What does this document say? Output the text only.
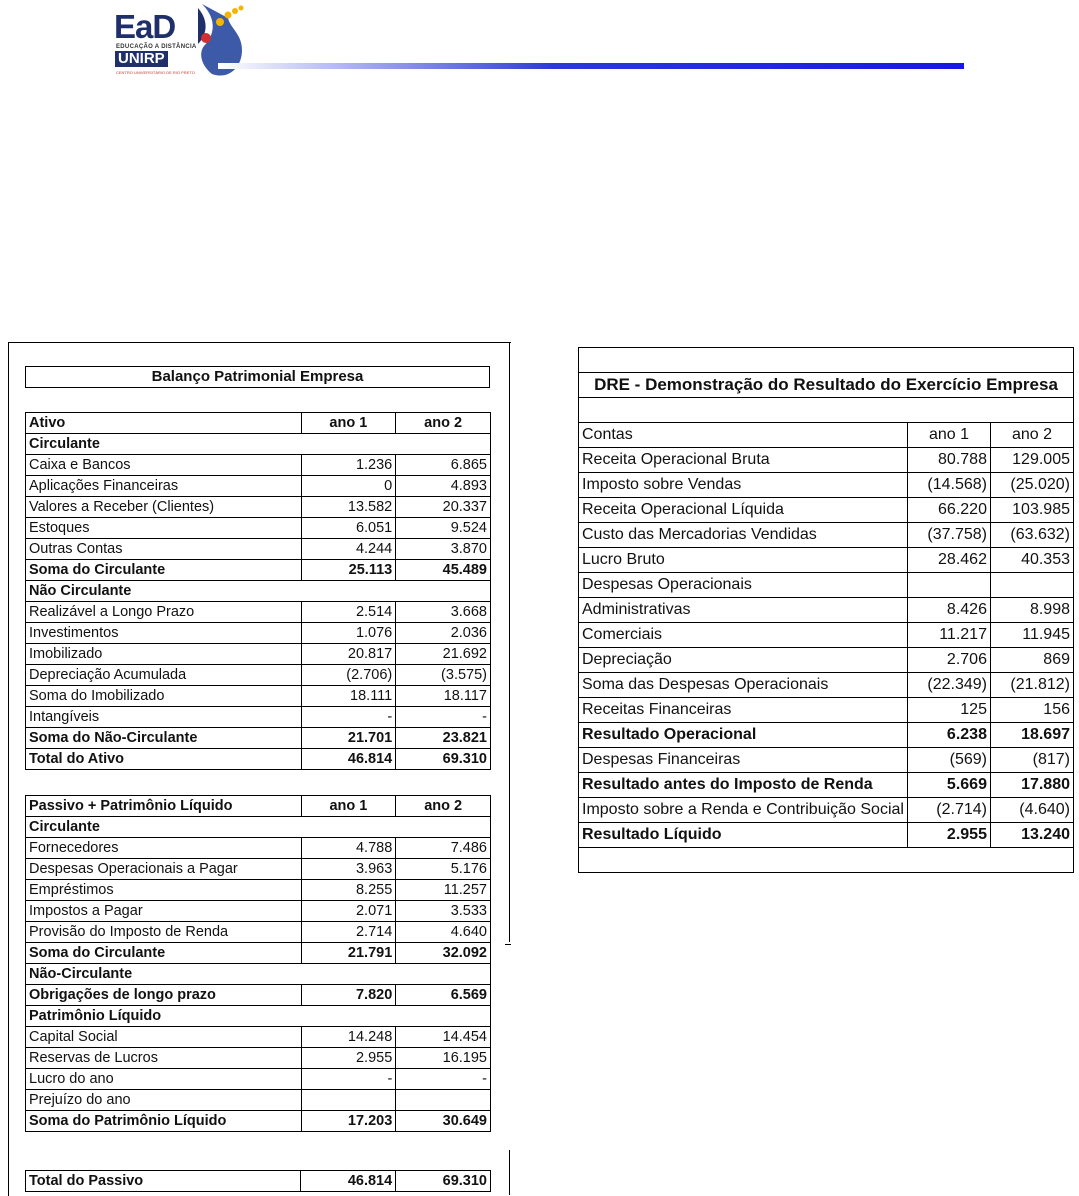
EaD
EDUCAÇÃO A DISTÂNCIA
UNIRP
CENTRO UNIVERSITÁRIO DE RIO PRETO
Balanço Patrimonial Empresa
Ativo	ano 1	ano 2
Circulante		
Caixa e Bancos	1.236	6.865
Aplicações Financeiras	0	4.893
Valores a Receber (Clientes)	13.582	20.337
Estoques	6.051	9.524
Outras Contas	4.244	3.870
Soma do Circulante	25.113	45.489
Não Circulante		
Realizável a Longo Prazo	2.514	3.668
Investimentos	1.076	2.036
Imobilizado	20.817	21.692
Depreciação Acumulada	(2.706)	(3.575)
Soma do Imobilizado	18.111	18.117
Intangíveis	-	-
Soma do Não-Circulante	21.701	23.821
Total do Ativo	46.814	69.310
Passivo + Patrimônio Líquido	ano 1	ano 2
Circulante		
Fornecedores	4.788	7.486
Despesas Operacionais a Pagar	3.963	5.176
Empréstimos	8.255	11.257
Impostos a Pagar	2.071	3.533
Provisão do Imposto de Renda	2.714	4.640
Soma do Circulante	21.791	32.092
Não-Circulante		
Obrigações de longo prazo	7.820	6.569
Patrimônio Líquido		
Capital Social	14.248	14.454
Reservas de Lucros	2.955	16.195
Lucro do ano	-	-
Prejuízo do ano		
Soma do Patrimônio Líquido	17.203	30.649
Total do Passivo	46.814	69.310

DRE - Demonstração do Resultado do Exercício Empresa		

Contas	ano 1	ano 2
Receita Operacional Bruta	80.788	129.005
Imposto sobre Vendas	(14.568)	(25.020)
Receita Operacional Líquida	66.220	103.985
Custo das Mercadorias Vendidas	(37.758)	(63.632)
Lucro Bruto	28.462	40.353
Despesas Operacionais		
Administrativas	8.426	8.998
Comerciais	11.217	11.945
Depreciação	2.706	869
Soma das Despesas Operacionais	(22.349)	(21.812)
Receitas Financeiras	125	156
Resultado Operacional	6.238	18.697
Despesas Financeiras	(569)	(817)
Resultado antes do Imposto de Renda	5.669	17.880
Imposto sobre a Renda e Contribuição Social	(2.714)	(4.640)
Resultado Líquido	2.955	13.240
